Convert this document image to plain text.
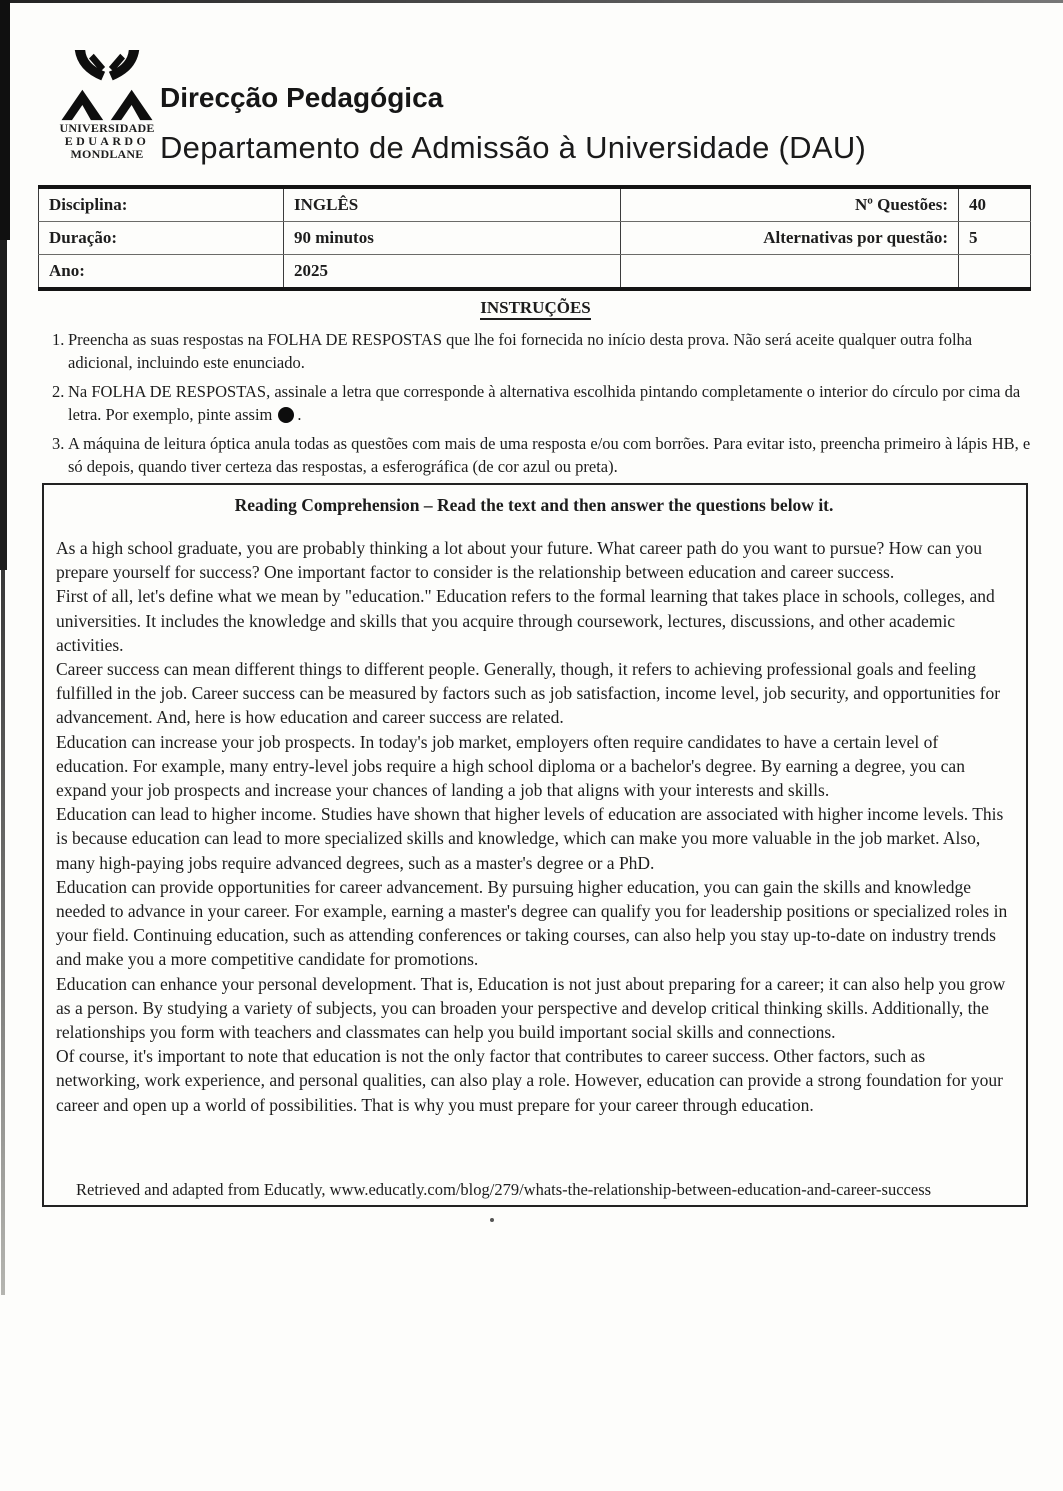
UNIVERSIDADE
EDUARDO
MONDLANE
Direcção Pedagógica
Departamento de Admissão à Universidade (DAU)
Disciplina:	INGLÊS	Nº Questões:	40
Duração:	90 minutos	Alternativas por questão:	5
Ano:	2025		
INSTRUÇÕES
1. Preencha as suas respostas na FOLHA DE RESPOSTAS que lhe foi fornecida no início desta prova. Não será aceite qualquer outra folha adicional, incluindo este enunciado.
2. Na FOLHA DE RESPOSTAS, assinale a letra que corresponde à alternativa escolhida pintando completamente o interior do círculo por cima da letra. Por exemplo, pinte assim .
3. A máquina de leitura óptica anula todas as questões com mais de uma resposta e/ou com borrões. Para evitar isto, preencha primeiro à lápis HB, e só depois, quando tiver certeza das respostas, a esferográfica (de cor azul ou preta).
Reading Comprehension – Read the text and then answer the questions below it.

As a high school graduate, you are probably thinking a lot about your future. What career path do you want to pursue? How can you prepare yourself for success? One important factor to consider is the relationship between education and career success.

First of all, let's define what we mean by "education." Education refers to the formal learning that takes place in schools, colleges, and universities. It includes the knowledge and skills that you acquire through coursework, lectures, discussions, and other academic activities.

Career success can mean different things to different people. Generally, though, it refers to achieving professional goals and feeling fulfilled in the job. Career success can be measured by factors such as job satisfaction, income level, job security, and opportunities for advancement. And, here is how education and career success are related.

Education can increase your job prospects. In today's job market, employers often require candidates to have a certain level of education. For example, many entry-level jobs require a high school diploma or a bachelor's degree. By earning a degree, you can expand your job prospects and increase your chances of landing a job that aligns with your interests and skills.

Education can lead to higher income. Studies have shown that higher levels of education are associated with higher income levels. This is because education can lead to more specialized skills and knowledge, which can make you more valuable in the job market. Also, many high-paying jobs require advanced degrees, such as a master's degree or a PhD.

Education can provide opportunities for career advancement. By pursuing higher education, you can gain the skills and knowledge needed to advance in your career. For example, earning a master's degree can qualify you for leadership positions or specialized roles in your field. Continuing education, such as attending conferences or taking courses, can also help you stay up-to-date on industry trends and make you a more competitive candidate for promotions.

Education can enhance your personal development. That is, Education is not just about preparing for a career; it can also help you grow as a person. By studying a variety of subjects, you can broaden your perspective and develop critical thinking skills. Additionally, the relationships you form with teachers and classmates can help you build important social skills and connections.

Of course, it's important to note that education is not the only factor that contributes to career success. Other factors, such as networking, work experience, and personal qualities, can also play a role. However, education can provide a strong foundation for your career and open up a world of possibilities. That is why you must prepare for your career through education.

Retrieved and adapted from Educatly, www.educatly.com/blog/279/whats-the-relationship-between-education-and-career-success
